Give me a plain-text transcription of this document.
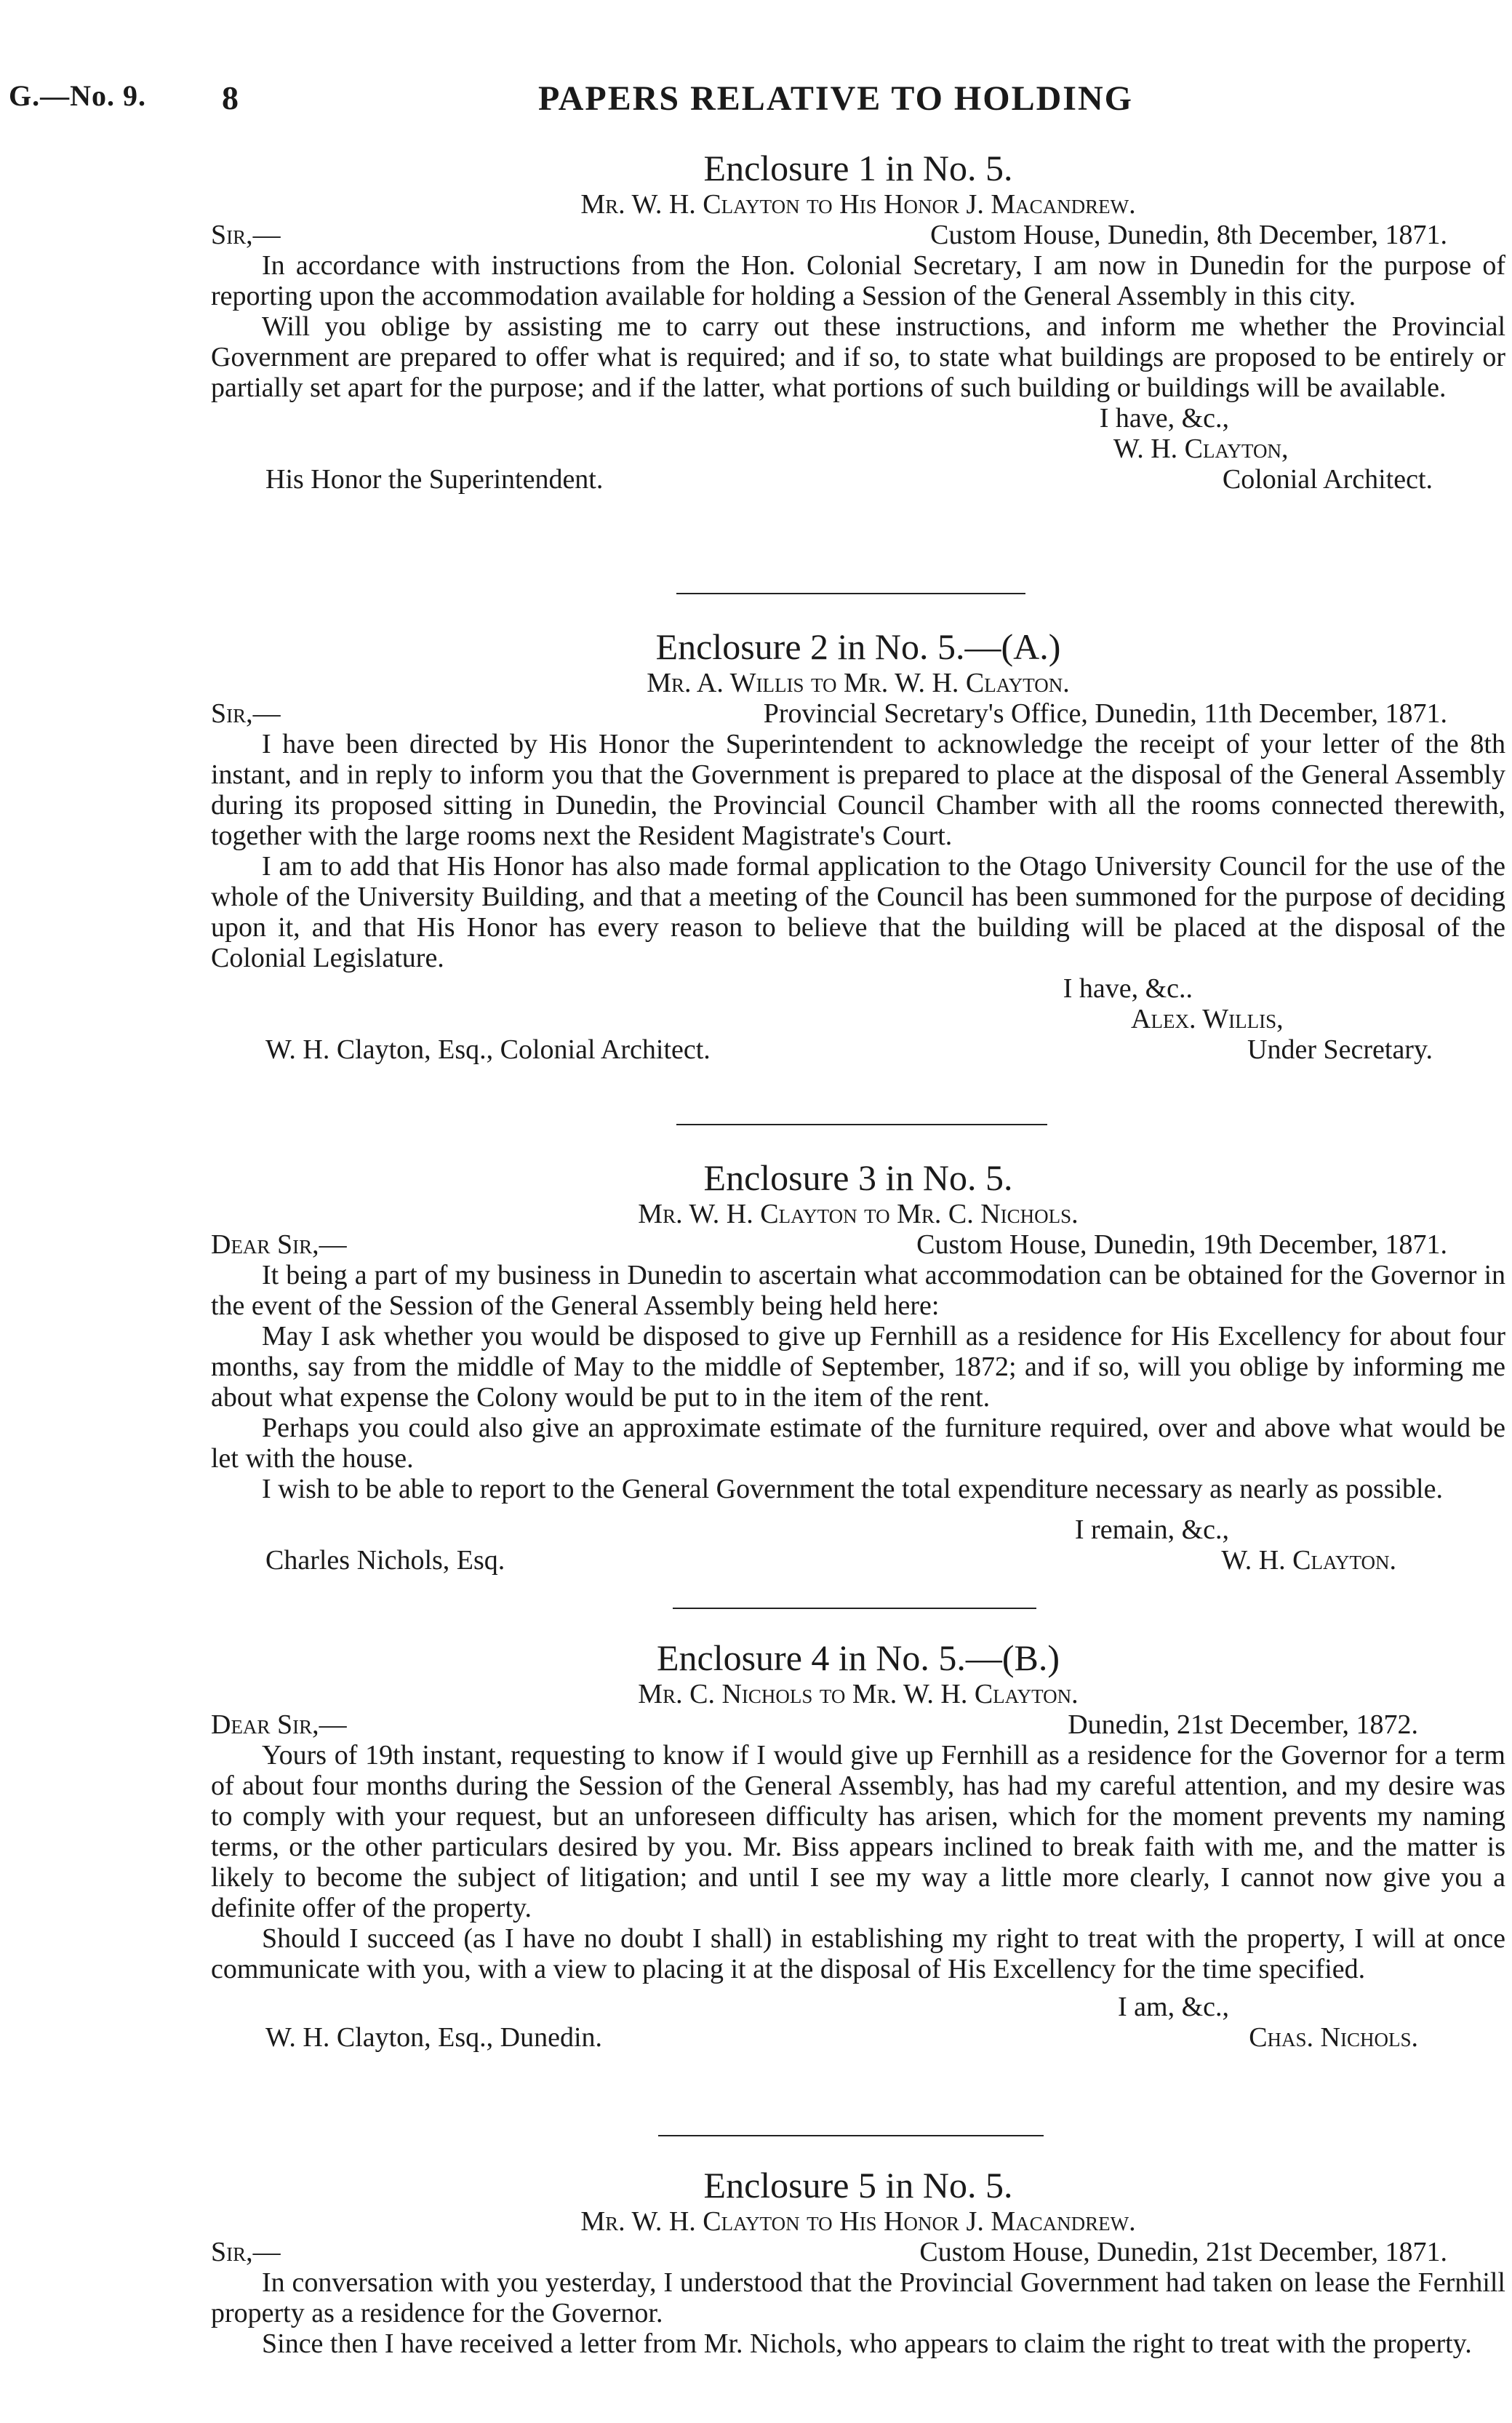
G.—No. 9. 8	PAPERS RELATIVE TO HOLDING

Enclosure 1 in No. 5.

Mr. W. H. Clayton to His Honor J. Macandrew.

Sir,—	Custom House, Dunedin, 8th December, 1871.

In accordance with instructions from the Hon. Colonial Secretary, I am now in Dunedin for the purpose of reporting upon the accommodation available for holding a Session of the General Assembly in this city.

Will you oblige by assisting me to carry out these instructions, and inform me whether the Provincial Government are prepared to offer what is required; and if so, to state what buildings are proposed to be entirely or partially set apart for the purpose; and if the latter, what portions of such building or buildings will be available.

I have, &c.,
His Honor the Superintendent.
W. H. Clayton,
Colonial Architect.

Enclosure 2 in No. 5.—(A.)

Mr. A. Willis to Mr. W. H. Clayton.

Sir,—	Provincial Secretary's Office, Dunedin, 11th December, 1871.

I have been directed by His Honor the Superintendent to acknowledge the receipt of your letter of the 8th instant, and in reply to inform you that the Government is prepared to place at the disposal of the General Assembly during its proposed sitting in Dunedin, the Provincial Council Chamber with all the rooms connected therewith, together with the large rooms next the Resident Magistrate's Court.

I am to add that His Honor has also made formal application to the Otago University Council for the use of the whole of the University Building, and that a meeting of the Council has been summoned for the purpose of deciding upon it, and that His Honor has every reason to believe that the building will be placed at the disposal of the Colonial Legislature.

I have, &c..
W. H. Clayton, Esq., Colonial Architect.
Alex. Willis,
Under Secretary.

Enclosure 3 in No. 5.

Mr. W. H. Clayton to Mr. C. Nichols.

Dear Sir,—	Custom House, Dunedin, 19th December, 1871.

It being a part of my business in Dunedin to ascertain what accommodation can be obtained for the Governor in the event of the Session of the General Assembly being held here:

May I ask whether you would be disposed to give up Fernhill as a residence for His Excellency for about four months, say from the middle of May to the middle of September, 1872; and if so, will you oblige by informing me about what expense the Colony would be put to in the item of the rent.

Perhaps you could also give an approximate estimate of the furniture required, over and above what would be let with the house.

I wish to be able to report to the General Government the total expenditure necessary as nearly as possible.

I remain, &c.,
Charles Nichols, Esq.	W. H. Clayton.

Enclosure 4 in No. 5.—(B.)

Mr. C. Nichols to Mr. W. H. Clayton.

Dear Sir,—	Dunedin, 21st December, 1872.

Yours of 19th instant, requesting to know if I would give up Fernhill as a residence for the Governor for a term of about four months during the Session of the General Assembly, has had my careful attention, and my desire was to comply with your request, but an unforeseen difficulty has arisen, which for the moment prevents my naming terms, or the other particulars desired by you. Mr. Biss appears inclined to break faith with me, and the matter is likely to become the subject of litigation; and until I see my way a little more clearly, I cannot now give you a definite offer of the property.

Should I succeed (as I have no doubt I shall) in establishing my right to treat with the property, I will at once communicate with you, with a view to placing it at the disposal of His Excellency for the time specified.

I am, &c.,
W. H. Clayton, Esq., Dunedin.	Chas. Nichols.

Enclosure 5 in No. 5.

Mr. W. H. Clayton to His Honor J. Macandrew.

Sir,—	Custom House, Dunedin, 21st December, 1871.

In conversation with you yesterday, I understood that the Provincial Government had taken on lease the Fernhill property as a residence for the Governor.

Since then I have received a letter from Mr. Nichols, who appears to claim the right to treat with the property.
